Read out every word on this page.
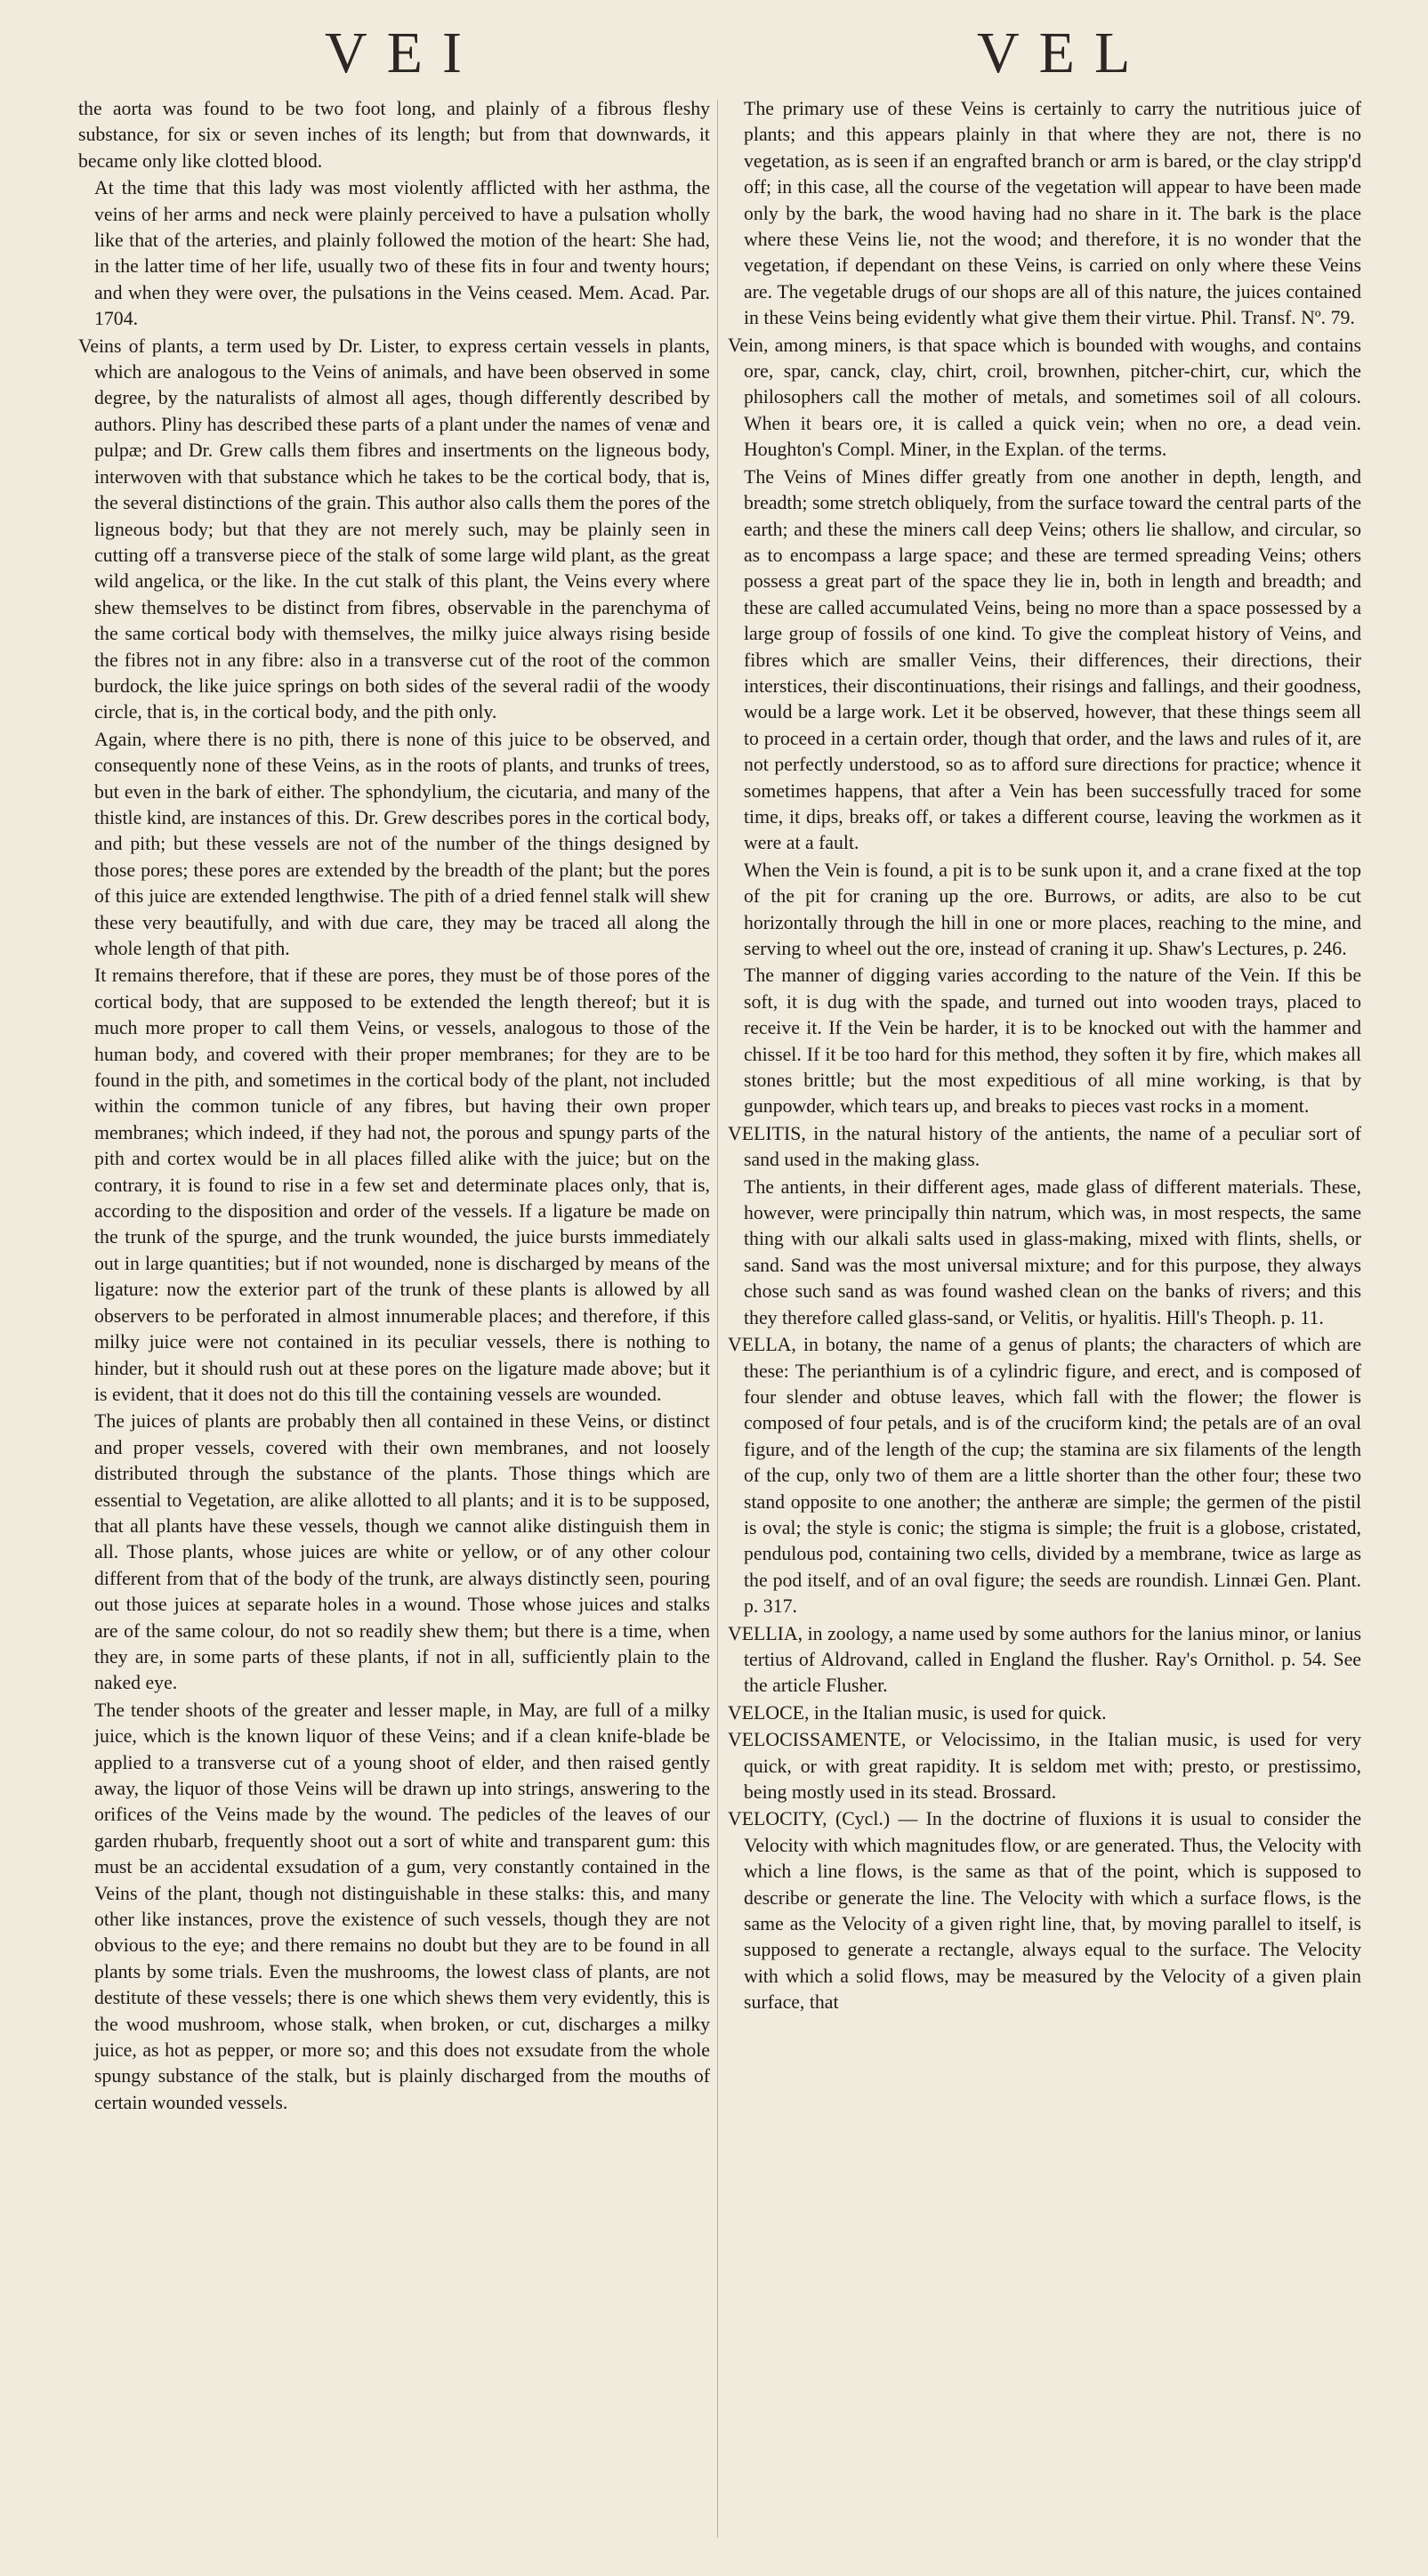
VEI	VEL

the aorta was found to be two foot long, and plainly of a fibrous fleshy substance, for six or seven inches of its length; but from that downwards, it became only like clotted blood.

At the time that this lady was most violently afflicted with her asthma, the veins of her arms and neck were plainly perceived to have a pulsation wholly like that of the arteries, and plainly followed the motion of the heart: She had, in the latter time of her life, usually two of these fits in four and twenty hours; and when they were over, the pulsations in the Veins ceased. Mem. Acad. Par. 1704.

Veins of plants, a term used by Dr. Lister, to express certain vessels in plants, which are analogous to the Veins of animals, and have been observed in some degree, by the naturalists of almost all ages, though differently described by authors. Pliny has described these parts of a plant under the names of venæ and pulpæ; and Dr. Grew calls them fibres and insertments on the ligneous body, interwoven with that substance which he takes to be the cortical body, that is, the several distinctions of the grain. This author also calls them the pores of the ligneous body; but that they are not merely such, may be plainly seen in cutting off a transverse piece of the stalk of some large wild plant, as the great wild angelica, or the like. In the cut stalk of this plant, the Veins every where shew themselves to be distinct from fibres, observable in the parenchyma of the same cortical body with themselves, the milky juice always rising beside the fibres not in any fibre: also in a transverse cut of the root of the common burdock, the like juice springs on both sides of the several radii of the woody circle, that is, in the cortical body, and the pith only.

Again, where there is no pith, there is none of this juice to be observed, and consequently none of these Veins, as in the roots of plants, and trunks of trees, but even in the bark of either. The sphondylium, the cicutaria, and many of the thistle kind, are instances of this. Dr. Grew describes pores in the cortical body, and pith; but these vessels are not of the number of the things designed by those pores; these pores are extended by the breadth of the plant; but the pores of this juice are extended lengthwise. The pith of a dried fennel stalk will shew these very beautifully, and with due care, they may be traced all along the whole length of that pith.

It remains therefore, that if these are pores, they must be of those pores of the cortical body, that are supposed to be extended the length thereof; but it is much more proper to call them Veins, or vessels, analogous to those of the human body, and covered with their proper membranes; for they are to be found in the pith, and sometimes in the cortical body of the plant, not included within the common tunicle of any fibres, but having their own proper membranes; which indeed, if they had not, the porous and spungy parts of the pith and cortex would be in all places filled alike with the juice; but on the contrary, it is found to rise in a few set and determinate places only, that is, according to the disposition and order of the vessels. If a ligature be made on the trunk of the spurge, and the trunk wounded, the juice bursts immediately out in large quantities; but if not wounded, none is discharged by means of the ligature: now the exterior part of the trunk of these plants is allowed by all observers to be perforated in almost innumerable places; and therefore, if this milky juice were not contained in its peculiar vessels, there is nothing to hinder, but it should rush out at these pores on the ligature made above; but it is evident, that it does not do this till the containing vessels are wounded.

The juices of plants are probably then all contained in these Veins, or distinct and proper vessels, covered with their own membranes, and not loosely distributed through the substance of the plants. Those things which are essential to Vegetation, are alike allotted to all plants; and it is to be supposed, that all plants have these vessels, though we cannot alike distinguish them in all. Those plants, whose juices are white or yellow, or of any other colour different from that of the body of the trunk, are always distinctly seen, pouring out those juices at separate holes in a wound. Those whose juices and stalks are of the same colour, do not so readily shew them; but there is a time, when they are, in some parts of these plants, if not in all, sufficiently plain to the naked eye.

The tender shoots of the greater and lesser maple, in May, are full of a milky juice, which is the known liquor of these Veins; and if a clean knife-blade be applied to a transverse cut of a young shoot of elder, and then raised gently away, the liquor of those Veins will be drawn up into strings, answering to the orifices of the Veins made by the wound. The pedicles of the leaves of our garden rhubarb, frequently shoot out a sort of white and transparent gum: this must be an accidental exsudation of a gum, very constantly contained in the Veins of the plant, though not distinguishable in these stalks: this, and many other like instances, prove the existence of such vessels, though they are not obvious to the eye; and there remains no doubt but they are to be found in all plants by some trials. Even the mushrooms, the lowest class of plants, are not destitute of these vessels; there is one which shews them very evidently, this is the wood mushroom, whose stalk, when broken, or cut, discharges a milky juice, as hot as pepper, or more so; and this does not exsudate from the whole spungy substance of the stalk, but is plainly discharged from the mouths of certain wounded vessels.

The primary use of these Veins is certainly to carry the nutritious juice of plants; and this appears plainly in that where they are not, there is no vegetation, as is seen if an engrafted branch or arm is bared, or the clay stripp'd off; in this case, all the course of the vegetation will appear to have been made only by the bark, the wood having had no share in it. The bark is the place where these Veins lie, not the wood; and therefore, it is no wonder that the vegetation, if dependant on these Veins, is carried on only where these Veins are. The vegetable drugs of our shops are all of this nature, the juices contained in these Veins being evidently what give them their virtue. Phil. Transf. Nº. 79.

Vein, among miners, is that space which is bounded with woughs, and contains ore, spar, canck, clay, chirt, croil, brownhen, pitcher-chirt, cur, which the philosophers call the mother of metals, and sometimes soil of all colours. When it bears ore, it is called a quick vein; when no ore, a dead vein. Houghton's Compl. Miner, in the Explan. of the terms.

The Veins of Mines differ greatly from one another in depth, length, and breadth; some stretch obliquely, from the surface toward the central parts of the earth; and these the miners call deep Veins; others lie shallow, and circular, so as to encompass a large space; and these are termed spreading Veins; others possess a great part of the space they lie in, both in length and breadth; and these are called accumulated Veins, being no more than a space possessed by a large group of fossils of one kind. To give the compleat history of Veins, and fibres which are smaller Veins, their differences, their directions, their interstices, their discontinuations, their risings and fallings, and their goodness, would be a large work. Let it be observed, however, that these things seem all to proceed in a certain order, though that order, and the laws and rules of it, are not perfectly understood, so as to afford sure directions for practice; whence it sometimes happens, that after a Vein has been successfully traced for some time, it dips, breaks off, or takes a different course, leaving the workmen as it were at a fault.

When the Vein is found, a pit is to be sunk upon it, and a crane fixed at the top of the pit for craning up the ore. Burrows, or adits, are also to be cut horizontally through the hill in one or more places, reaching to the mine, and serving to wheel out the ore, instead of craning it up. Shaw's Lectures, p. 246.

The manner of digging varies according to the nature of the Vein. If this be soft, it is dug with the spade, and turned out into wooden trays, placed to receive it. If the Vein be harder, it is to be knocked out with the hammer and chissel. If it be too hard for this method, they soften it by fire, which makes all stones brittle; but the most expeditious of all mine working, is that by gunpowder, which tears up, and breaks to pieces vast rocks in a moment.

VELITIS, in the natural history of the antients, the name of a peculiar sort of sand used in the making glass.

The antients, in their different ages, made glass of different materials. These, however, were principally thin natrum, which was, in most respects, the same thing with our alkali salts used in glass-making, mixed with flints, shells, or sand. Sand was the most universal mixture; and for this purpose, they always chose such sand as was found washed clean on the banks of rivers; and this they therefore called glass-sand, or Velitis, or hyalitis. Hill's Theoph. p. 11.

VELLA, in botany, the name of a genus of plants; the characters of which are these: The perianthium is of a cylindric figure, and erect, and is composed of four slender and obtuse leaves, which fall with the flower; the flower is composed of four petals, and is of the cruciform kind; the petals are of an oval figure, and of the length of the cup; the stamina are six filaments of the length of the cup, only two of them are a little shorter than the other four; these two stand opposite to one another; the antheræ are simple; the germen of the pistil is oval; the style is conic; the stigma is simple; the fruit is a globose, cristated, pendulous pod, containing two cells, divided by a membrane, twice as large as the pod itself, and of an oval figure; the seeds are roundish. Linnæi Gen. Plant. p. 317.

VELLIA, in zoology, a name used by some authors for the lanius minor, or lanius tertius of Aldrovand, called in England the flusher. Ray's Ornithol. p. 54. See the article Flusher.

VELOCE, in the Italian music, is used for quick.

VELOCISSAMENTE, or Velocissimo, in the Italian music, is used for very quick, or with great rapidity. It is seldom met with; presto, or prestissimo, being mostly used in its stead. Brossard.

VELOCITY, (Cycl.) — In the doctrine of fluxions it is usual to consider the Velocity with which magnitudes flow, or are generated. Thus, the Velocity with which a line flows, is the same as that of the point, which is supposed to describe or generate the line. The Velocity with which a surface flows, is the same as the Velocity of a given right line, that, by moving parallel to itself, is supposed to generate a rectangle, always equal to the surface. The Velocity with which a solid flows, may be measured by the Velocity of a given plain surface, that
